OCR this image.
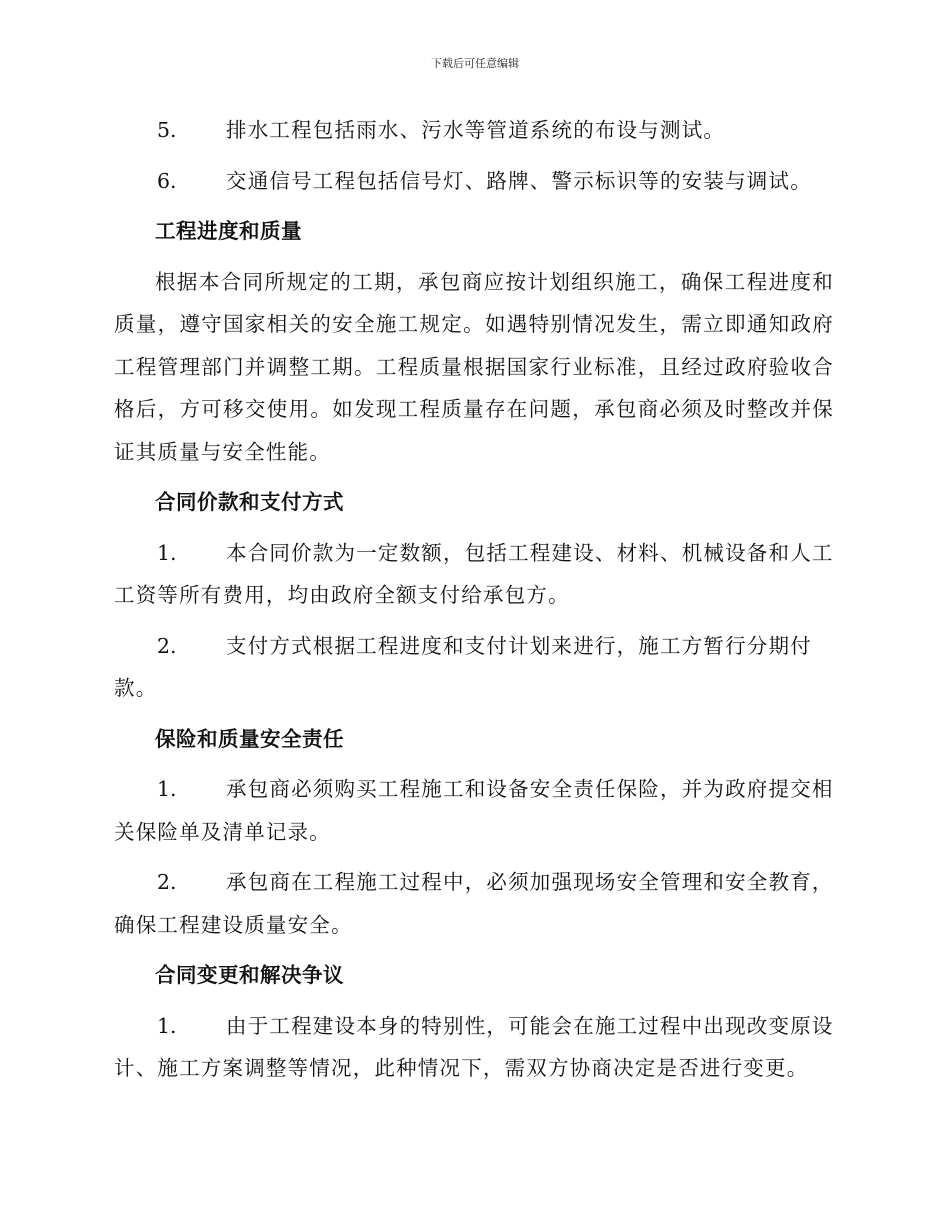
下载后可任意编辑
5. 排水工程包括雨水、污水等管道系统的布设与测试。
6. 交通信号工程包括信号灯、路牌、警示标识等的安装与调试。
工程进度和质量
根据本合同所规定的工期，承包商应按计划组织施工，确保工程进度和质量，遵守国家相关的安全施工规定。如遇特别情况发生，需立即通知政府工程管理部门并调整工期。工程质量根据国家行业标准，且经过政府验收合格后，方可移交使用。如发现工程质量存在问题，承包商必须及时整改并保证其质量与安全性能。
合同价款和支付方式
1. 本合同价款为一定数额，包括工程建设、材料、机械设备和人工工资等所有费用，均由政府全额支付给承包方。
2. 支付方式根据工程进度和支付计划来进行，施工方暂行分期付款。
保险和质量安全责任
1. 承包商必须购买工程施工和设备安全责任保险，并为政府提交相关保险单及清单记录。
2. 承包商在工程施工过程中，必须加强现场安全管理和安全教育，确保工程建设质量安全。
合同变更和解决争议
1. 由于工程建设本身的特别性，可能会在施工过程中出现改变原设计、施工方案调整等情况，此种情况下，需双方协商决定是否进行变更。
